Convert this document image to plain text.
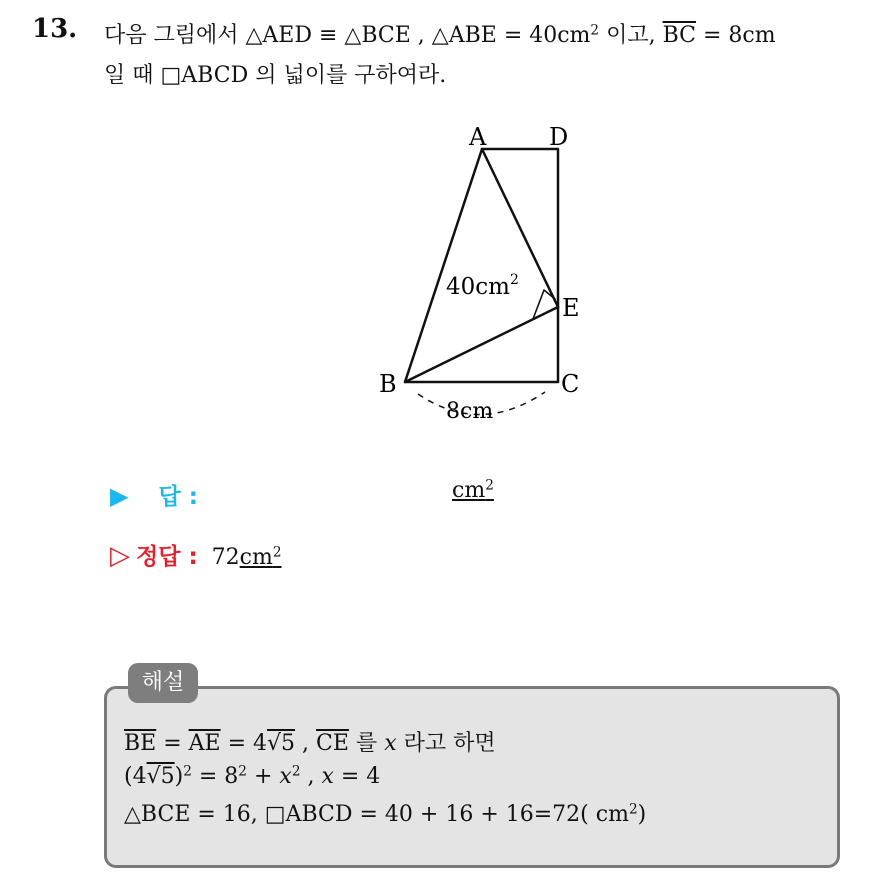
13. 다음 그림에서 △AED ≡ △BCE , △ABE = $40cm^2$ 이고, $\overline{BC} = 8cm$
일 때 □ABCD 의 넓이를 구하여라.
A	D
E
B	C
$40cm^2$
8cm
▶ 답 :	$cm^2$
▷ 정답 : $72cm^2$
해설
$\overline{BE} = \overline{AE} = 4√5$ , $\overline{CE}$ 를 x 라고 하면
$(4√5)^2 = 8^2 + x^2$ , x = 4
△BCE = 16, □ABCD = 40 + 16 + 16=72( $cm^2$)
